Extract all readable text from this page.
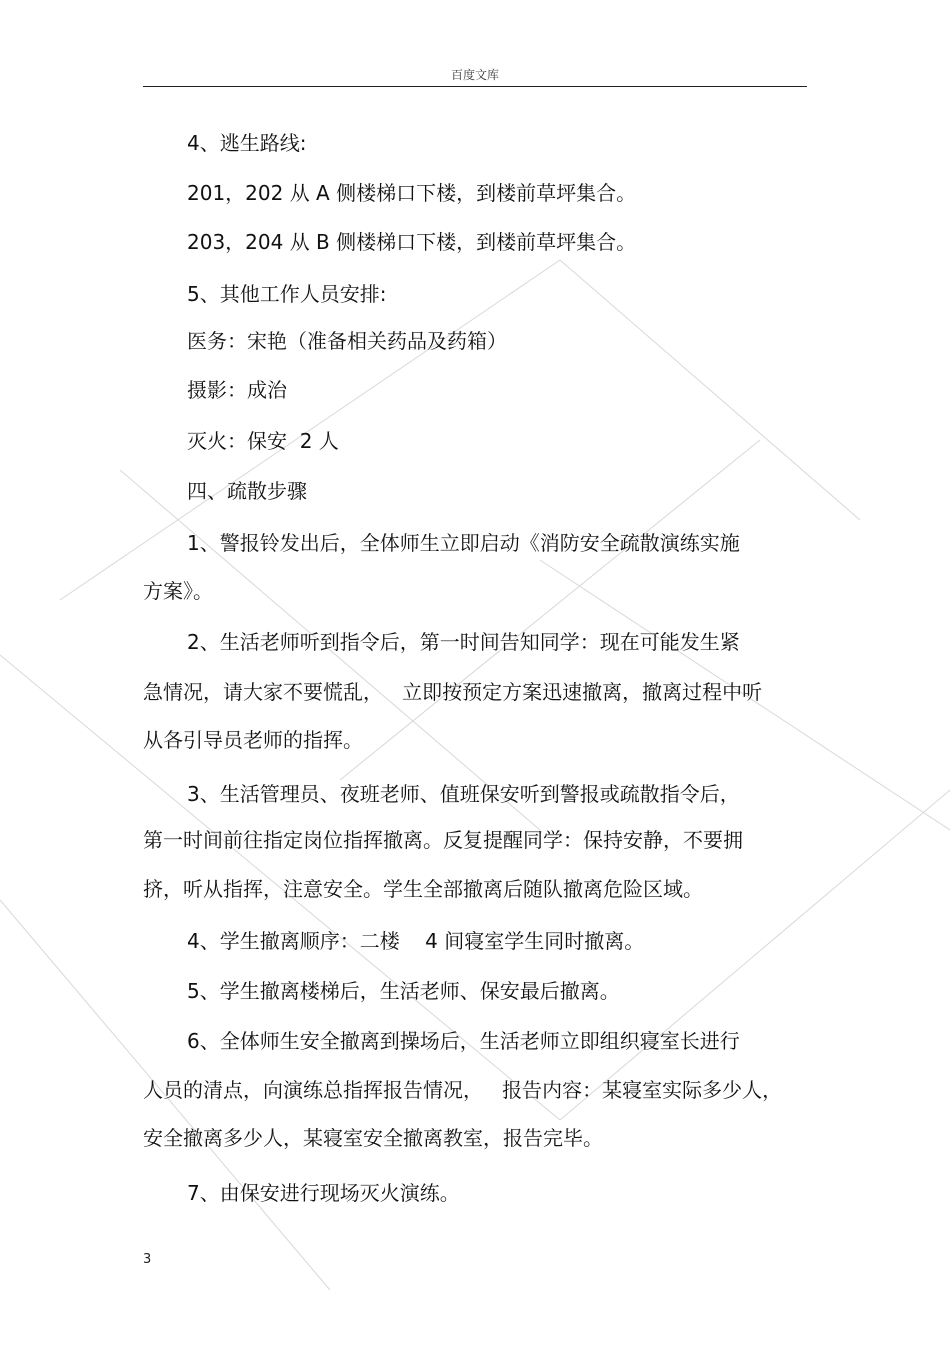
百度文库
4、逃生路线:
201，202 从 A 侧楼梯口下楼，到楼前草坪集合。
203，204 从 B 侧楼梯口下楼，到楼前草坪集合。
5、其他工作人员安排:
医务：宋艳（准备相关药品及药箱）
摄影：成治
灭火：保安  2 人
四、疏散步骤
1、警报铃发出后，全体师生立即启动《消防安全疏散演练实施
方案》。
2、生活老师听到指令后，第一时间告知同学：现在可能发生紧
急情况，请大家不要慌乱，   立即按预定方案迅速撤离，撤离过程中听
从各引导员老师的指挥。
3、生活管理员、夜班老师、值班保安听到警报或疏散指令后，
第一时间前往指定岗位指挥撤离。反复提醒同学：保持安静，不要拥
挤，听从指挥，注意安全。学生全部撤离后随队撤离危险区域。
4、学生撤离顺序：二楼    4 间寝室学生同时撤离。
5、学生撤离楼梯后，生活老师、保安最后撤离。
6、全体师生安全撤离到操场后，生活老师立即组织寝室长进行
人员的清点，向演练总指挥报告情况，   报告内容：某寝室实际多少人，
安全撤离多少人，某寝室安全撤离教室，报告完毕。
7、由保安进行现场灭火演练。
3
